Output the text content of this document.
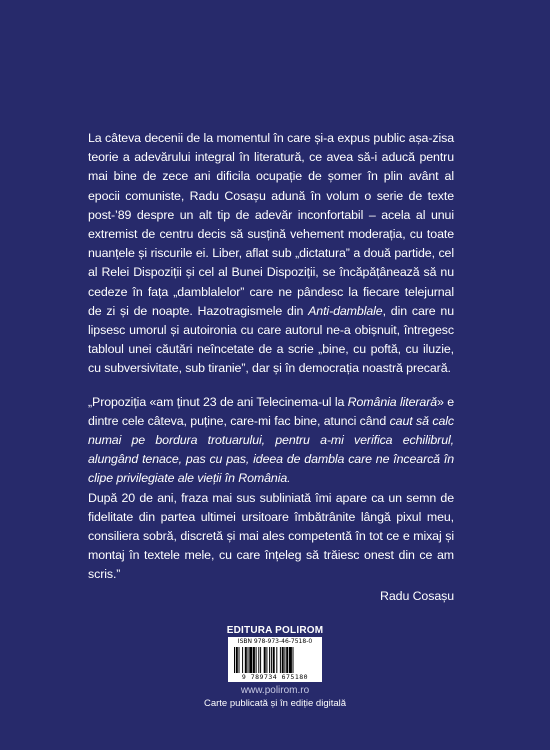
La câteva decenii de la momentul în care și-a expus public așa-zisa teorie a adevărului integral în literatură, ce avea să-i aducă pentru mai bine de zece ani dificila ocupație de șomer în plin avânt al epocii comuniste, Radu Cosașu adună în volum o serie de texte post-’89 despre un alt tip de adevăr inconfortabil – acela al unui extremist de centru decis să susțină vehement moderația, cu toate nuanțele și riscurile ei. Liber, aflat sub „dictatura” a două partide, cel al Relei Dispoziții și cel al Bunei Dispoziții, se încăpățânează să nu cedeze în fața „damblalelor” care ne pândesc la fiecare telejurnal de zi și de noapte. Hazotragismele din Anti-damblale, din care nu lipsesc umorul și autoironia cu care autorul ne-a obișnuit, întregesc tabloul unei căutări neîncetate de a scrie „bine, cu poftă, cu iluzie, cu subversivitate, sub tiranie”, dar și în democrația noastră precară.

„Propoziția «am ținut 23 de ani Telecinema-ul la România literară» e dintre cele câteva, puține, care-mi fac bine, atunci când caut să calc numai pe bordura trotuarului, pentru a-mi verifica echilibrul, alungând tenace, pas cu pas, ideea de dambla care ne încearcă în clipe privilegiate ale vieții în România.
După 20 de ani, fraza mai sus subliniată îmi apare ca un semn de fidelitate din partea ultimei ursitoare îmbătrânite lângă pixul meu, consiliera sobră, discretă și mai ales competentă în tot ce e mixaj și montaj în textele mele, cu care înțeleg să trăiesc onest din ce am scris.”

Radu Cosașu
EDITURA POLIROM
ISBN 978-973-46-7518-0
9 789734 675180
www.polirom.ro
Carte publicată și în ediție digitală
